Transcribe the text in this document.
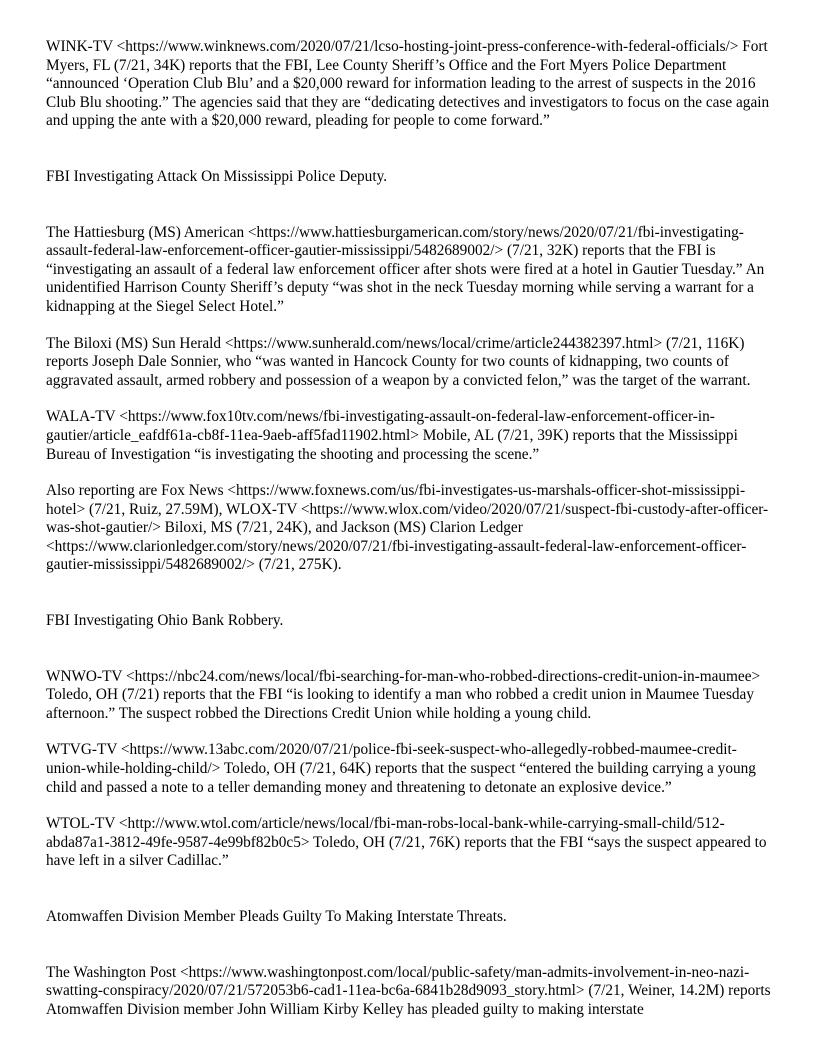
WINK-TV <https://www.winknews.com/2020/07/21/lcso-hosting-joint-press-conference-with-federal-officials/> Fort Myers, FL (7/21, 34K) reports that the FBI, Lee County Sheriff’s Office and the Fort Myers Police Department “announced ‘Operation Club Blu’ and a $20,000 reward for information leading to the arrest of suspects in the 2016 Club Blu shooting.” The agencies said that they are “dedicating detectives and investigators to focus on the case again and upping the ante with a $20,000 reward, pleading for people to come forward.”

FBI Investigating Attack On Mississippi Police Deputy.

The Hattiesburg (MS) American <https://www.hattiesburgamerican.com/story/news/2020/07/21/fbi-investigating-assault-federal-law-enforcement-officer-gautier-mississippi/5482689002/> (7/21, 32K) reports that the FBI is “investigating an assault of a federal law enforcement officer after shots were fired at a hotel in Gautier Tuesday.” An unidentified Harrison County Sheriff’s deputy “was shot in the neck Tuesday morning while serving a warrant for a kidnapping at the Siegel Select Hotel.”

The Biloxi (MS) Sun Herald <https://www.sunherald.com/news/local/crime/article244382397.html> (7/21, 116K) reports Joseph Dale Sonnier, who “was wanted in Hancock County for two counts of kidnapping, two counts of aggravated assault, armed robbery and possession of a weapon by a convicted felon,” was the target of the warrant.

WALA-TV <https://www.fox10tv.com/news/fbi-investigating-assault-on-federal-law-enforcement-officer-in-gautier/article_eafdf61a-cb8f-11ea-9aeb-aff5fad11902.html> Mobile, AL (7/21, 39K) reports that the Mississippi Bureau of Investigation “is investigating the shooting and processing the scene.”

Also reporting are Fox News <https://www.foxnews.com/us/fbi-investigates-us-marshals-officer-shot-mississippi-hotel> (7/21, Ruiz, 27.59M), WLOX-TV <https://www.wlox.com/video/2020/07/21/suspect-fbi-custody-after-officer-was-shot-gautier/> Biloxi, MS (7/21, 24K), and Jackson (MS) Clarion Ledger <https://www.clarionledger.com/story/news/2020/07/21/fbi-investigating-assault-federal-law-enforcement-officer-gautier-mississippi/5482689002/> (7/21, 275K).

FBI Investigating Ohio Bank Robbery.

WNWO-TV <https://nbc24.com/news/local/fbi-searching-for-man-who-robbed-directions-credit-union-in-maumee> Toledo, OH (7/21) reports that the FBI “is looking to identify a man who robbed a credit union in Maumee Tuesday afternoon.” The suspect robbed the Directions Credit Union while holding a young child.

WTVG-TV <https://www.13abc.com/2020/07/21/police-fbi-seek-suspect-who-allegedly-robbed-maumee-credit-union-while-holding-child/> Toledo, OH (7/21, 64K) reports that the suspect “entered the building carrying a young child and passed a note to a teller demanding money and threatening to detonate an explosive device.”

WTOL-TV <http://www.wtol.com/article/news/local/fbi-man-robs-local-bank-while-carrying-small-child/512-abda87a1-3812-49fe-9587-4e99bf82b0c5> Toledo, OH (7/21, 76K) reports that the FBI “says the suspect appeared to have left in a silver Cadillac.”

Atomwaffen Division Member Pleads Guilty To Making Interstate Threats.

The Washington Post <https://www.washingtonpost.com/local/public-safety/man-admits-involvement-in-neo-nazi-swatting-conspiracy/2020/07/21/572053b6-cad1-11ea-bc6a-6841b28d9093_story.html> (7/21, Weiner, 14.2M) reports Atomwaffen Division member John William Kirby Kelley has pleaded guilty to making interstate
